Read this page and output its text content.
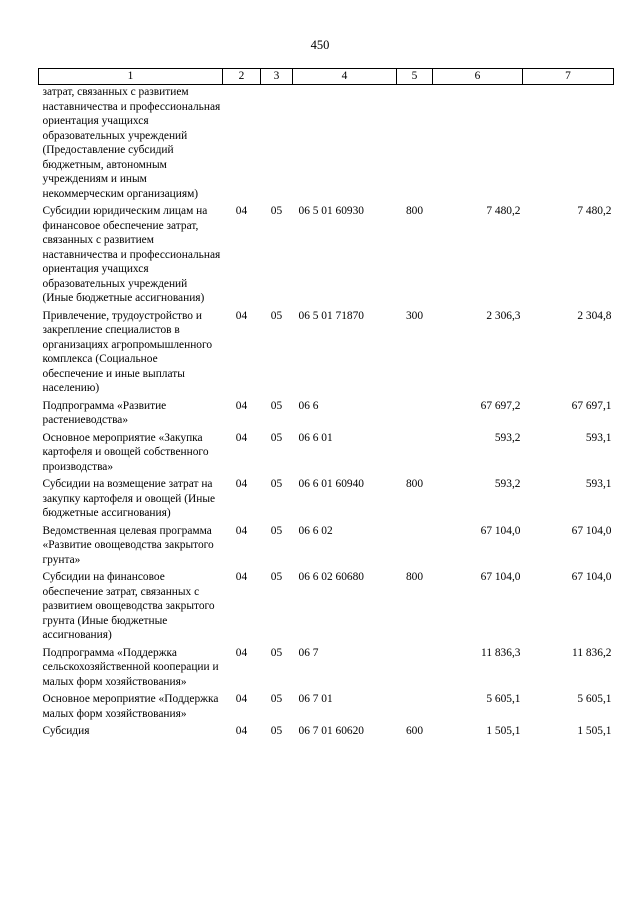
450
1	2	3	4	5	6	7
затрат, связанных с развитием наставничества и профессиональная ориентация учащихся образовательных учреждений (Предоставление субсидий бюджетным, автономным учреждениям и иным некоммерческим организациям)						
Субсидии юридическим лицам на финансовое обеспечение затрат, связанных с развитием наставничества и профессиональная ориентация учащихся образовательных учреждений (Иные бюджетные ассигнования)	04	05	06 5 01 60930	800	7 480,2	7 480,2
Привлечение, трудоустройство и закрепление специалистов в организациях агропромышленного комплекса (Социальное обеспечение и иные выплаты населению)	04	05	06 5 01 71870	300	2 306,3	2 304,8
Подпрограмма «Развитие растениеводства»	04	05	06 6		67 697,2	67 697,1
Основное мероприятие «Закупка картофеля и овощей собственного производства»	04	05	06 6 01		593,2	593,1
Субсидии на возмещение затрат на закупку картофеля и овощей (Иные бюджетные ассигнования)	04	05	06 6 01 60940	800	593,2	593,1
Ведомственная целевая программа «Развитие овощеводства закрытого грунта»	04	05	06 6 02		67 104,0	67 104,0
Субсидии на финансовое обеспечение затрат, связанных с развитием овощеводства закрытого грунта (Иные бюджетные ассигнования)	04	05	06 6 02 60680	800	67 104,0	67 104,0
Подпрограмма «Поддержка сельскохозяйственной кооперации и малых форм хозяйствования»	04	05	06 7		11 836,3	11 836,2
Основное мероприятие «Поддержка малых форм хозяйствования»	04	05	06 7 01		5 605,1	5 605,1
Субсидия	04	05	06 7 01 60620	600	1 505,1	1 505,1
